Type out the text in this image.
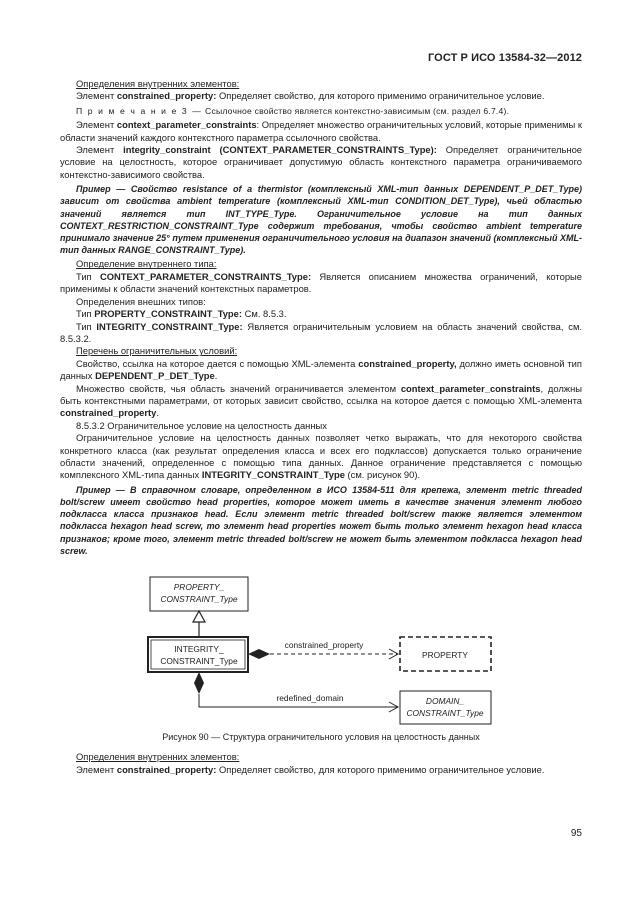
ГОСТ Р ИСО 13584-32—2012

Определения внутренних элементов:

Элемент constrained_property: Определяет свойство, для которого применимо ограничительное условие.

П р и м е ч а н и е 3 — Ссылочное свойство является контекстно-зависимым (см. раздел 6.7.4).

Элемент context_parameter_constraints: Определяет множество ограничительных условий, которые применимы к области значений каждого контекстного параметра ссылочного свойства.

Элемент integrity_constraint (CONTEXT_PARAMETER_CONSTRAINTS_Type): Определяет ограничительное условие на целостность, которое ограничивает допустимую область контекстного параметра ограничиваемого контекстно-зависимого свойства.

Пример — Свойство resistance of a thermistor (комплексный XML-тип данных DEPENDENT_P_DET_Type) зависит от свойства ambient temperature (комплексный XML-тип CONDITION_DET_Type), чьей областью значений является тип INT_TYPE_Type. Ограничительное условие на тип данных CONTEXT_RESTRICTION_CONSTRAINT_Type содержит требования, чтобы свойство ambient temperature принимало значение 25° путем применения ограничительного условия на диапазон значений (комплексный XML-тип данных RANGE_CONSTRAINT_Type).

Определение внутреннего типа:

Тип CONTEXT_PARAMETER_CONSTRAINTS_Type: Является описанием множества ограничений, которые применимы к области значений контекстных параметров.

Определения внешних типов:

Тип PROPERTY_CONSTRAINT_Type: См. 8.5.3.

Тип INTEGRITY_CONSTRAINT_Type: Является ограничительным условием на область значений свойства, см. 8.5.3.2.

Перечень ограничительных условий:

Свойство, ссылка на которое дается с помощью XML-элемента constrained_property, должно иметь основной тип данных DEPENDENT_P_DET_Type.

Множество свойств, чья область значений ограничивается элементом context_parameter_constraints, должны быть контекстными параметрами, от которых зависит свойство, ссылка на которое дается с помощью XML-элемента constrained_property.

8.5.3.2 Ограничительное условие на целостность данных

Ограничительное условие на целостность данных позволяет четко выражать, что для некоторого свойства конкретного класса (как результат определения класса и всех его подклассов) допускается только ограничение области значений, определенное с помощью типа данных. Данное ограничение представляется с помощью комплексного XML-типа данных INTEGRITY_CONSTRAINT_Type (см. рисунок 90).

Пример — В справочном словаре, определенном в ИСО 13584-511 для крепежа, элемент metric threaded bolt/screw имеет свойство head properties, которое может иметь в качестве значения элемент любого подкласса класса признаков head. Если элемент metric threaded bolt/screw также является элементом подкласса hexagon head screw, то элемент head properties может быть только элемент hexagon head класса признаков; кроме того, элемент metric threaded bolt/screw не может быть элементом подкласса hexagon head screw.

PROPERTY_
CONSTRAINT_Type
INTEGRITY_
CONSTRAINT_Type
constrained_property
PROPERTY
redefined_domain	DOMAIN_
CONSTRAINT_Type

Рисунок 90 — Структура ограничительного условия на целостность данных

Определения внутренних элементов:

Элемент constrained_property: Определяет свойство, для которого применимо ограничительное условие.

95
